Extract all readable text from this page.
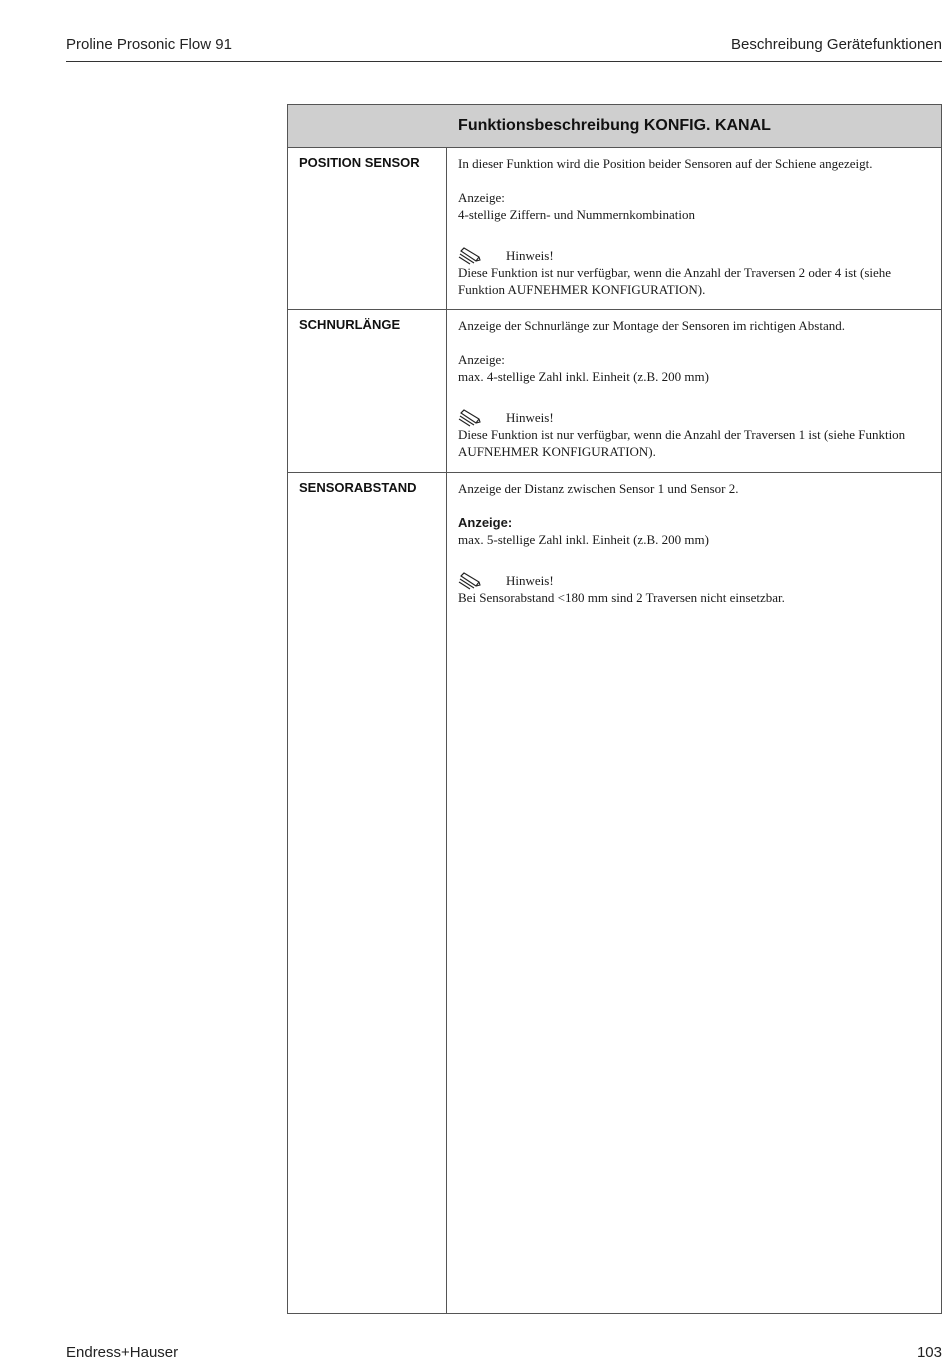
Proline Prosonic Flow 91	Beschreibung Gerätefunktionen
Funktionsbeschreibung KONFIG. KANAL
POSITION SENSOR	In dieser Funktion wird die Position beider Sensoren auf der Schiene angezeigt.

Anzeige:

4-stellige Ziffern- und Nummernkombination

Hinweis!

Diese Funktion ist nur verfügbar, wenn die Anzahl der Traversen 2 oder 4 ist (siehe Funktion AUFNEHMER KONFIGURATION).

SCHNURLÄNGE	Anzeige der Schnurlänge zur Montage der Sensoren im richtigen Abstand.

Anzeige:

max. 4-stellige Zahl inkl. Einheit (z.B. 200 mm)

Hinweis!

Diese Funktion ist nur verfügbar, wenn die Anzahl der Traversen 1 ist (siehe Funktion AUFNEHMER KONFIGURATION).

SENSORABSTAND	Anzeige der Distanz zwischen Sensor 1 und Sensor 2.

Anzeige:

max. 5-stellige Zahl inkl. Einheit (z.B. 200 mm)

Hinweis!

Bei Sensorabstand <180 mm sind 2 Traversen nicht einsetzbar.

Endress+Hauser	103
